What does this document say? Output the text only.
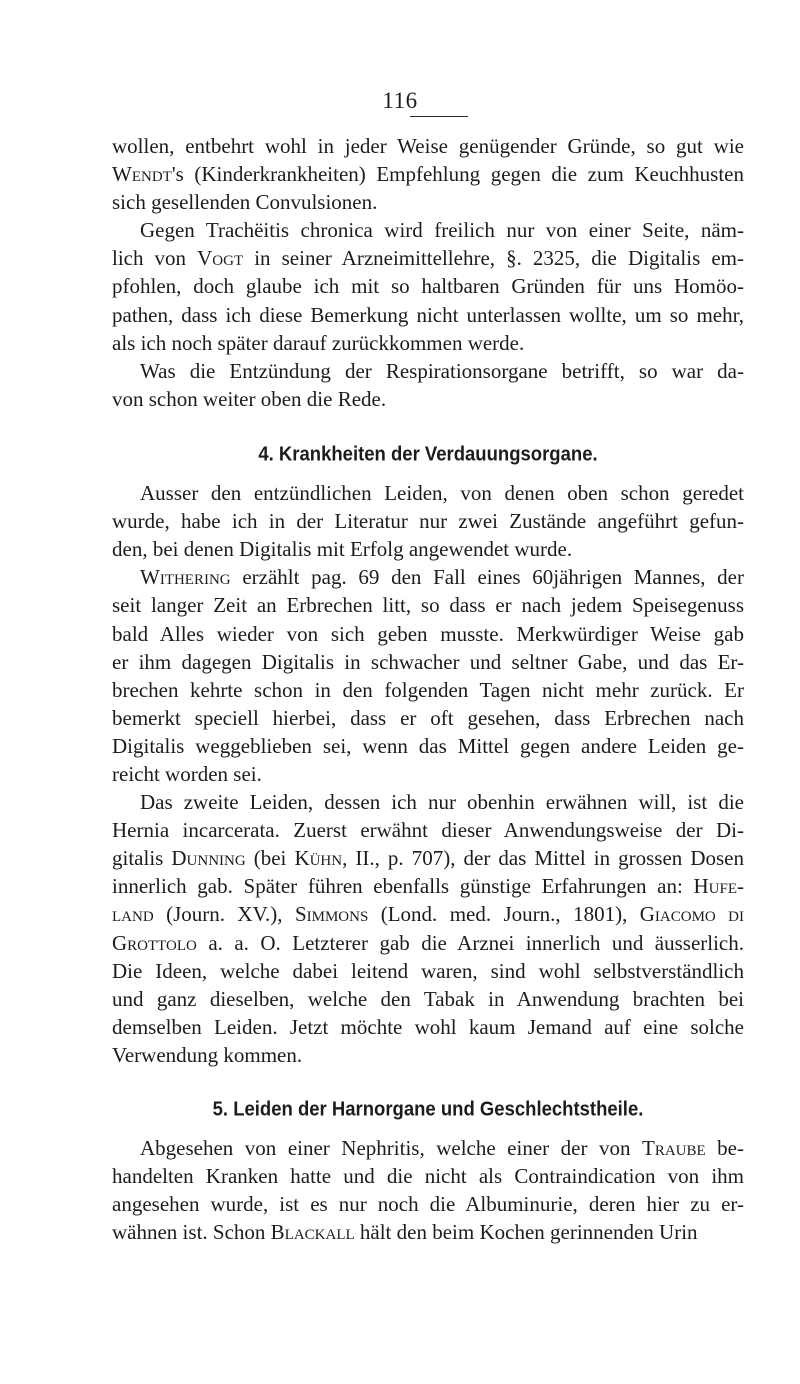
116

wollen, entbehrt wohl in jeder Weise genügender Gründe, so gut wie
Wendt's (Kinderkrankheiten) Empfehlung gegen die zum Keuchhusten
sich gesellenden Convulsionen.

Gegen Trachëitis chronica wird freilich nur von einer Seite, näm-
lich von Vogt in seiner Arzneimittellehre, §. 2325, die Digitalis em-
pfohlen, doch glaube ich mit so haltbaren Gründen für uns Homöo-
pathen, dass ich diese Bemerkung nicht unterlassen wollte, um so mehr,
als ich noch später darauf zurückkommen werde.

Was die Entzündung der Respirationsorgane betrifft, so war da-
von schon weiter oben die Rede.

4. Krankheiten der Verdauungsorgane.

Ausser den entzündlichen Leiden, von denen oben schon geredet
wurde, habe ich in der Literatur nur zwei Zustände angeführt gefun-
den, bei denen Digitalis mit Erfolg angewendet wurde.

Withering erzählt pag. 69 den Fall eines 60jährigen Mannes, der
seit langer Zeit an Erbrechen litt, so dass er nach jedem Speisegenuss
bald Alles wieder von sich geben musste. Merkwürdiger Weise gab
er ihm dagegen Digitalis in schwacher und seltner Gabe, und das Er-
brechen kehrte schon in den folgenden Tagen nicht mehr zurück. Er
bemerkt speciell hierbei, dass er oft gesehen, dass Erbrechen nach
Digitalis weggeblieben sei, wenn das Mittel gegen andere Leiden ge-
reicht worden sei.

Das zweite Leiden, dessen ich nur obenhin erwähnen will, ist die
Hernia incarcerata. Zuerst erwähnt dieser Anwendungsweise der Di-
gitalis Dunning (bei Kühn, II., p. 707), der das Mittel in grossen Dosen
innerlich gab. Später führen ebenfalls günstige Erfahrungen an: Hufe-
land (Journ. XV.), Simmons (Lond. med. Journ., 1801), Giacomo di
Grottolo a. a. O. Letzterer gab die Arznei innerlich und äusserlich.
Die Ideen, welche dabei leitend waren, sind wohl selbstverständlich
und ganz dieselben, welche den Tabak in Anwendung brachten bei
demselben Leiden. Jetzt möchte wohl kaum Jemand auf eine solche
Verwendung kommen.

5. Leiden der Harnorgane und Geschlechtstheile.

Abgesehen von einer Nephritis, welche einer der von Traube be-
handelten Kranken hatte und die nicht als Contraindication von ihm
angesehen wurde, ist es nur noch die Albuminurie, deren hier zu er-
wähnen ist. Schon Blackall hält den beim Kochen gerinnenden Urin
